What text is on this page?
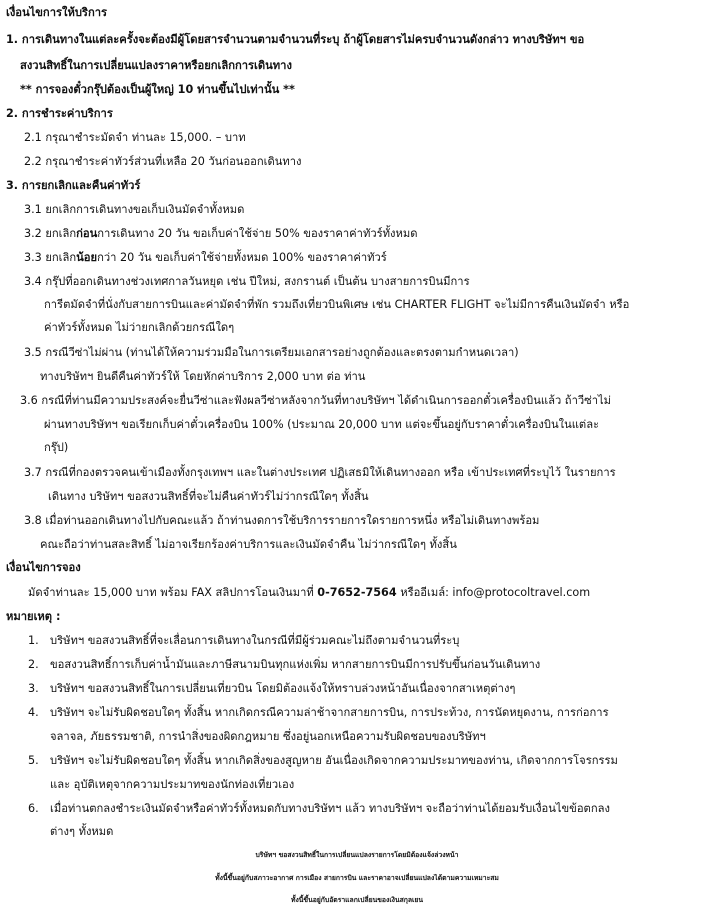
เงื่อนไขการให้บริการ
1. การเดินทางในแต่ละครั้งจะต้องมีผู้โดยสารจำนวนตามจำนวนที่ระบุ ถ้าผู้โดยสารไม่ครบจำนวนดังกล่าว ทางบริษัทฯ ขอ
สงวนสิทธิ์ในการเปลี่ยนแปลงราคาหรือยกเลิกการเดินทาง
** การจองตั๋วกรุ๊ปต้องเป็นผู้ใหญ่ 10 ท่านขึ้นไปเท่านั้น **
2. การชำระค่าบริการ
2.1 กรุณาชำระมัดจำ ท่านละ 15,000. – บาท
2.2 กรุณาชำระค่าทัวร์ส่วนที่เหลือ 20 วันก่อนออกเดินทาง
3. การยกเลิกและคืนค่าทัวร์
3.1 ยกเลิกการเดินทางขอเก็บเงินมัดจำทั้งหมด
3.2 ยกเลิกก่อนการเดินทาง 20 วัน ขอเก็บค่าใช้จ่าย 50% ของราคาค่าทัวร์ทั้งหมด
3.3 ยกเลิกน้อยกว่า 20 วัน ขอเก็บค่าใช้จ่ายทั้งหมด 100% ของราคาค่าทัวร์
3.4 กรุ๊ปที่ออกเดินทางช่วงเทศกาลวันหยุด เช่น ปีใหม่, สงกรานต์ เป็นต้น บางสายการบินมีการ
การีตมัดจำที่นั่งกับสายการบินและค่ามัดจำที่พัก รวมถึงเที่ยวบินพิเศษ เช่น CHARTER FLIGHT จะไม่มีการคืนเงินมัดจำ หรือ
ค่าทัวร์ทั้งหมด ไม่ว่ายกเลิกด้วยกรณีใดๆ
3.5 กรณีวีซ่าไม่ผ่าน (ท่านได้ให้ความร่วมมือในการเตรียมเอกสารอย่างถูกต้องและตรงตามกำหนดเวลา)
ทางบริษัทฯ ยินดีคืนค่าทัวร์ให้ โดยหักค่าบริการ 2,000 บาท ต่อ ท่าน
3.6 กรณีที่ท่านมีความประสงค์จะยื่นวีซ่าและฟังผลวีซ่าหลังจากวันที่ทางบริษัทฯ ได้ดำเนินการออกตั๋วเครื่องบินแล้ว ถ้าวีซ่าไม่
ผ่านทางบริษัทฯ ขอเรียกเก็บค่าตั๋วเครื่องบิน 100% (ประมาณ 20,000 บาท แต่จะขึ้นอยู่กับราคาตั๋วเครื่องบินในแต่ละ
กรุ๊ป)
3.7 กรณีที่กองตรวจคนเข้าเมืองทั้งกรุงเทพฯ และในต่างประเทศ ปฏิเสธมิให้เดินทางออก หรือ เข้าประเทศที่ระบุไว้ ในรายการ
เดินทาง บริษัทฯ ขอสงวนสิทธิ์ที่จะไม่คืนค่าทัวร์ไม่ว่ากรณีใดๆ ทั้งสิ้น
3.8 เมื่อท่านออกเดินทางไปกับคณะแล้ว ถ้าท่านงดการใช้บริการรายการใดรายการหนึ่ง หรือไม่เดินทางพร้อม
คณะถือว่าท่านสละสิทธิ์ ไม่อาจเรียกร้องค่าบริการและเงินมัดจำคืน ไม่ว่ากรณีใดๆ ทั้งสิ้น
เงื่อนไขการจอง
มัดจำท่านละ 15,000 บาท พร้อม FAX สลิปการโอนเงินมาที่ 0-7652-7564 หรืออีเมล์: info@protocoltravel.com
หมายเหตุ :
1. บริษัทฯ ขอสงวนสิทธิ์ที่จะเลื่อนการเดินทางในกรณีที่มีผู้ร่วมคณะไม่ถึงตามจำนวนที่ระบุ
2. ขอสงวนสิทธิ์การเก็บค่าน้ำมันและภาษีสนามบินทุกแห่งเพิ่ม หากสายการบินมีการปรับขึ้นก่อนวันเดินทาง
3. บริษัทฯ ขอสงวนสิทธิ์ในการเปลี่ยนเที่ยวบิน โดยมิต้องแจ้งให้ทราบล่วงหน้าอันเนื่องจากสาเหตุต่างๆ
4. บริษัทฯ จะไม่รับผิดชอบใดๆ ทั้งสิ้น หากเกิดกรณีความล่าช้าจากสายการบิน, การประท้วง, การนัดหยุดงาน, การก่อการ
จลาจล, ภัยธรรมชาติ, การนำสิ่งของผิดกฎหมาย ซึ่งอยู่นอกเหนือความรับผิดชอบของบริษัทฯ
5. บริษัทฯ จะไม่รับผิดชอบใดๆ ทั้งสิ้น หากเกิดสิ่งของสูญหาย อันเนื่องเกิดจากความประมาทของท่าน, เกิดจากการโจรกรรม
และ อุบัติเหตุจากความประมาทของนักท่องเที่ยวเอง
6. เมื่อท่านตกลงชำระเงินมัดจำหรือค่าทัวร์ทั้งหมดกับทางบริษัทฯ แล้ว ทางบริษัทฯ จะถือว่าท่านได้ยอมรับเงื่อนไขข้อตกลง
ต่างๆ ทั้งหมด
บริษัทฯ ขอสงวนสิทธิ์ในการเปลี่ยนแปลงรายการโดยมิต้องแจ้งล่วงหน้า
ทั้งนี้ขึ้นอยู่กับสภาวะอากาศ การเมือง สายการบิน และราคาอาจเปลี่ยนแปลงได้ตามความเหมาะสม
ทั้งนี้ขึ้นอยู่กับอัตราแลกเปลี่ยนของเงินสกุลเยน
